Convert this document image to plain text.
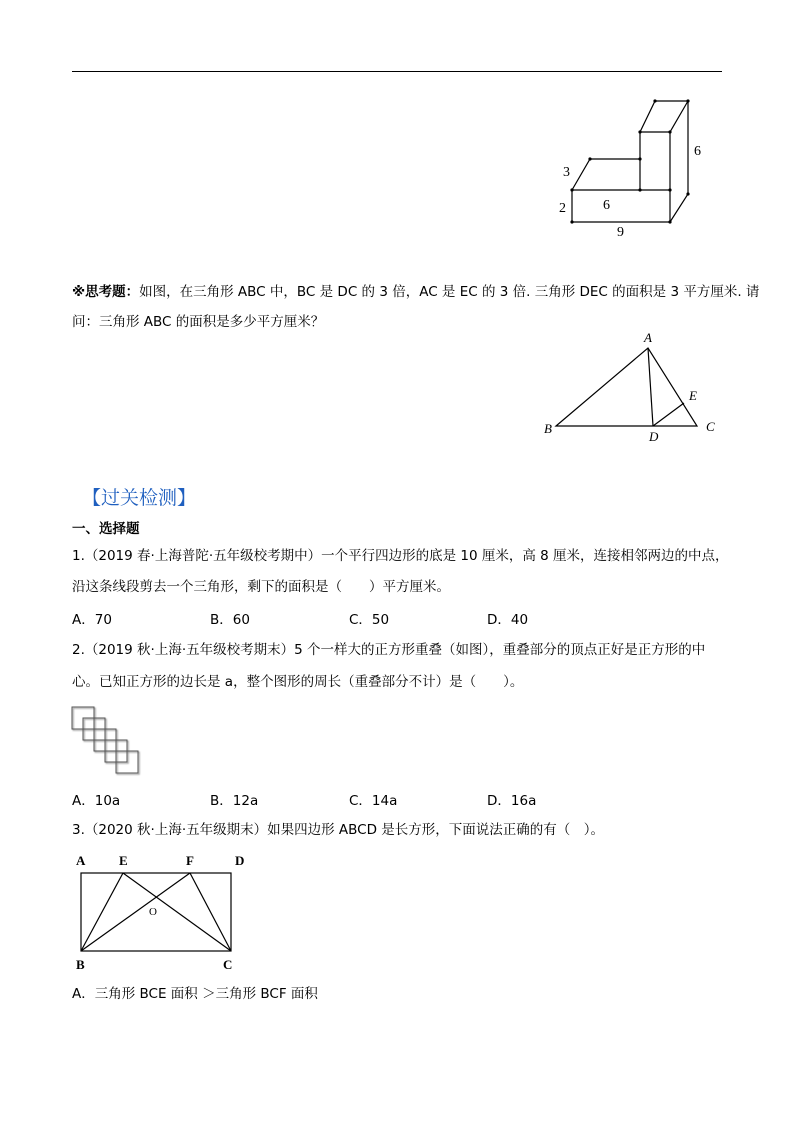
3
6
2
6
9
※思考题：如图，在三角形 ABC 中，BC 是 DC 的 3 倍，AC 是 EC 的 3 倍. 三角形 DEC 的面积是 3 平方厘米. 请
问：三角形 ABC 的面积是多少平方厘米？
A
E
B
D
C
【过关检测】
一、选择题
1.（2019 春·上海普陀·五年级校考期中）一个平行四边形的底是 10 厘米，高 8 厘米，连接相邻两边的中点，
沿这条线段剪去一个三角形，剩下的面积是（　　）平方厘米。
A．70	B．60	C．50	D．40
2.（2019 秋·上海·五年级校考期末）5 个一样大的正方形重叠（如图），重叠部分的顶点正好是正方形的中
心。已知正方形的边长是 a，整个图形的周长（重叠部分不计）是（　　）。
A．10a	B．12a	C．14a	D．16a
3.（2020 秋·上海·五年级期末）如果四边形 ABCD 是长方形，下面说法正确的有（　）。
A	E	F	D
O
B	C
A．三角形 BCE 面积 ＞三角形 BCF 面积
